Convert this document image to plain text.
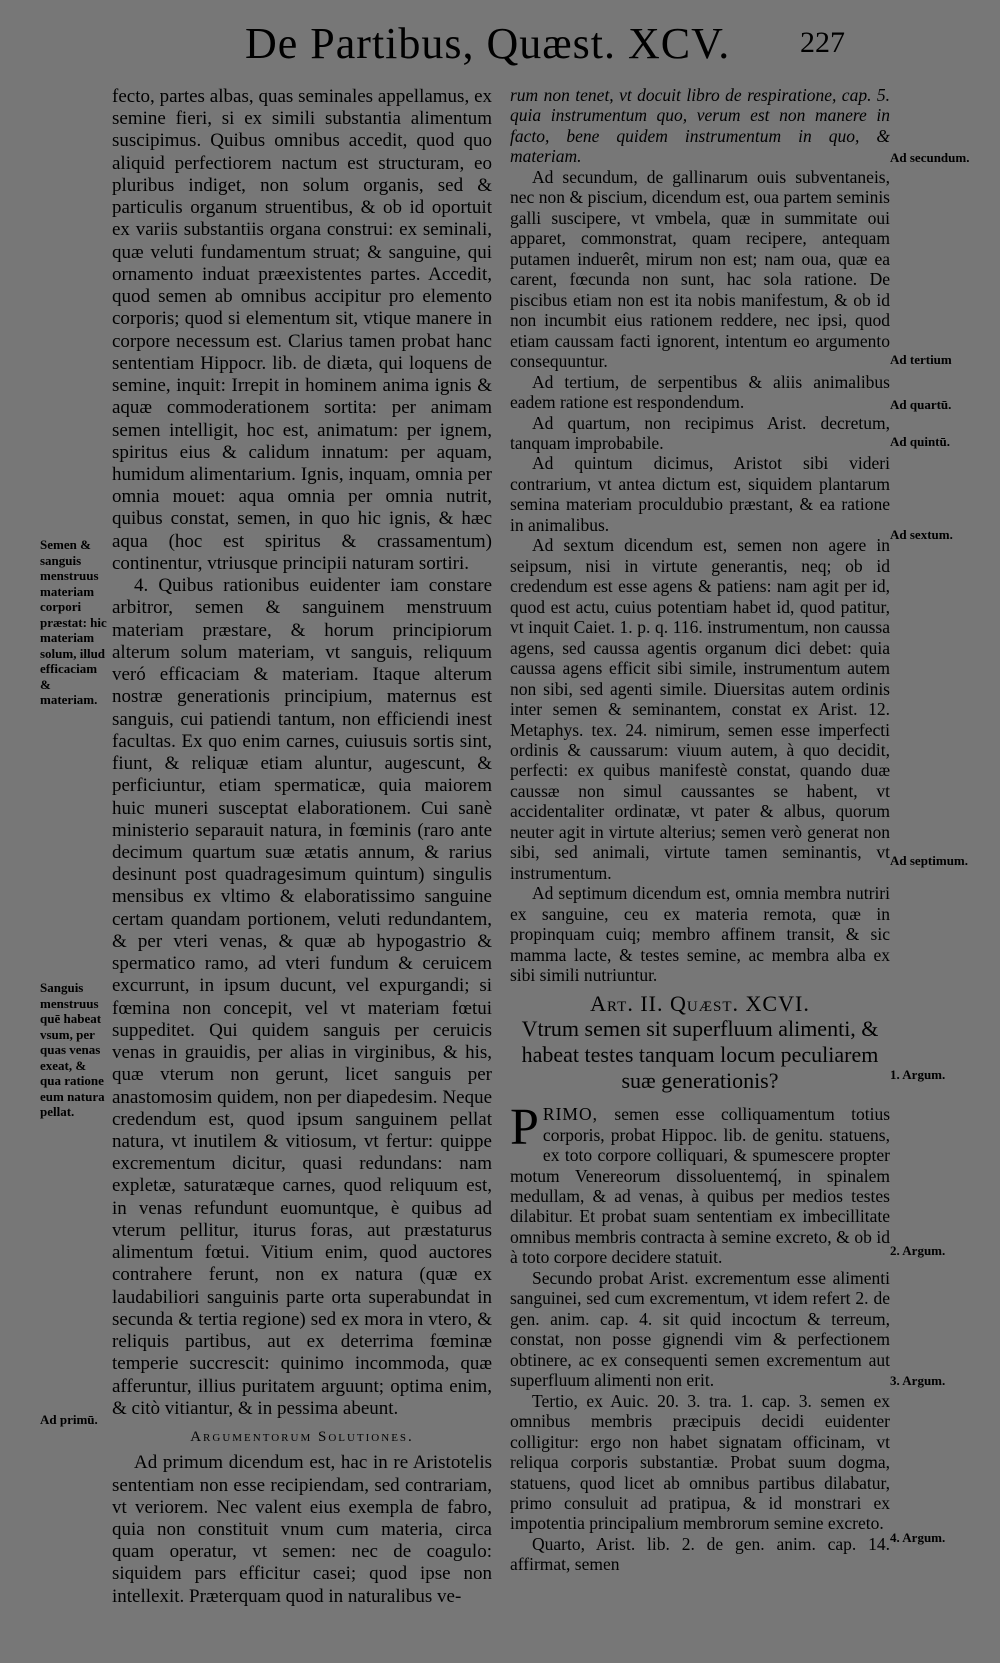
De Partibus, Quæst. XCV. 227

fecto, partes albas, quas seminales appellamus, ex semine fieri, si ex simili substantia alimentum suscipimus. Quibus omnibus accedit, quod quo aliquid perfectiorem nactum est structuram, eo pluribus indiget, non solum organis, sed & particulis organum struentibus, & ob id oportuit ex variis substantiis organa construi: ex seminali, quæ veluti fundamentum struat; & sanguine, qui ornamento induat præexistentes partes. Accedit, quod semen ab omnibus accipitur pro elemento corporis; quod si elementum sit, vtique manere in corpore necessum est. Clarius tamen probat hanc sententiam Hippocr. lib. de diæta, qui loquens de semine, inquit: Irrepit in hominem anima ignis & aquæ commoderationem sortita: per animam semen intelligit, hoc est, animatum: per ignem, spiritus eius & calidum innatum: per aquam, humidum alimentarium. Ignis, inquam, omnia per omnia mouet: aqua omnia per omnia nutrit, quibus constat, semen, in quo hic ignis, & hæc aqua (hoc est spiritus & crassamentum) continentur, vtriusque principii naturam sortiri.

4. Quibus rationibus euidenter iam constare arbitror, semen & sanguinem menstruum materiam præstare, & horum principiorum alterum solum materiam, vt sanguis, reliquum veró efficaciam & materiam. Itaque alterum nostræ generationis principium, maternus est sanguis, cui patiendi tantum, non efficiendi inest facultas. Ex quo enim carnes, cuiusuis sortis sint, fiunt, & reliquæ etiam aluntur, augescunt, & perficiuntur, etiam spermaticæ, quia maiorem huic muneri susceptat elaborationem. Cui sanè ministerio separauit natura, in fœminis (raro ante decimum quartum suæ ætatis annum, & rarius desinunt post quadragesimum quintum) singulis mensibus ex vltimo & elaboratissimo sanguine certam quandam portionem, veluti redundantem, & per vteri venas, & quæ ab hypogastrio & spermatico ramo, ad vteri fundum & ceruicem excurrunt, in ipsum ducunt, vel expurgandi; si fœmina non concepit, vel vt materiam fœtui suppeditet. Qui quidem sanguis per ceruicis venas in grauidis, per alias in virginibus, & his, quæ vterum non gerunt, licet sanguis per anastomosim quidem, non per diapedesim. Neque credendum est, quod ipsum sanguinem pellat natura, vt inutilem & vitiosum, vt fertur: quippe excrementum dicitur, quasi redundans: nam expletæ, saturatæque carnes, quod reliquum est, in venas refundunt euomuntque, è quibus ad vterum pellitur, iturus foras, aut præstaturus alimentum fœtui. Vitium enim, quod auctores contrahere ferunt, non ex natura (quæ ex laudabiliori sanguinis parte orta superabundat in secunda & tertia regione) sed ex mora in vtero, & reliquis partibus, aut ex deterrima fœminæ temperie succrescit: quinimo incommoda, quæ afferuntur, illius puritatem arguunt; optima enim, & citò vitiantur, & in pessima abeunt.

Argumentorum Solutiones.

Ad primum dicendum est, hac in re Aristotelis sententiam non esse recipiendam, sed contrariam, vt veriorem. Nec valent eius exempla de fabro, quia non constituit vnum cum materia, circa quam operatur, vt semen: nec de coagulo: siquidem pars efficitur casei; quod ipse non intellexit. Præterquam quod in naturalibus ve-

rum non tenet, vt docuit libro de respiratione, cap. 5. quia instrumentum quo, verum est non manere in facto, bene quidem instrumentum in quo, & materiam.

Ad secundum, de gallinarum ouis subventaneis, nec non & piscium, dicendum est, oua partem seminis galli suscipere, vt vmbela, quæ in summitate oui apparet, commonstrat, quam recipere, antequam putamen induerêt, mirum non est; nam oua, quæ ea carent, fœcunda non sunt, hac sola ratione. De piscibus etiam non est ita nobis manifestum, & ob id non incumbit eius rationem reddere, nec ipsi, quod etiam caussam facti ignorent, intentum eo argumento consequuntur.

Ad tertium, de serpentibus & aliis animalibus eadem ratione est respondendum.

Ad quartum, non recipimus Arist. decretum, tanquam improbabile.

Ad quintum dicimus, Aristot sibi videri contrarium, vt antea dictum est, siquidem plantarum semina materiam proculdubio præstant, & ea ratione in animalibus.

Ad sextum dicendum est, semen non agere in seipsum, nisi in virtute generantis, neq; ob id credendum est esse agens & patiens: nam agit per id, quod est actu, cuius potentiam habet id, quod patitur, vt inquit Caiet. 1. p. q. 116. instrumentum, non caussa agens, sed caussa agentis organum dici debet: quia caussa agens efficit sibi simile, instrumentum autem non sibi, sed agenti simile. Diuersitas autem ordinis inter semen & seminantem, constat ex Arist. 12. Metaphys. tex. 24. nimirum, semen esse imperfecti ordinis & caussarum: viuum autem, à quo decidit, perfecti: ex quibus manifestè constat, quando duæ caussæ non simul caussantes se habent, vt accidentaliter ordinatæ, vt pater & albus, quorum neuter agit in virtute alterius; semen verò generat non sibi, sed animali, virtute tamen seminantis, vt instrumentum.

Ad septimum dicendum est, omnia membra nutriri ex sanguine, ceu ex materia remota, quæ in propinquam cuiq; membro affinem transit, & sic mamma lacte, & testes semine, ac membra alba ex sibi simili nutriuntur.

Art. II. Quæst. XCVI.
Vtrum semen sit superfluum alimenti, & habeat testes tanquam locum peculiarem suæ generationis?

PRIMO, semen esse colliquamentum totius corporis, probat Hippoc. lib. de genitu. statuens, ex toto corpore colliquari, & spumescere propter motum Venereorum dissoluentemq́, in spinalem medullam, & ad venas, à quibus per medios testes dilabitur. Et probat suam sententiam ex imbecillitate omnibus membris contracta à semine excreto, & ob id à toto corpore decidere statuit.

Secundo probat Arist. excrementum esse alimenti sanguinei, sed cum excrementum, vt idem refert 2. de gen. anim. cap. 4. sit quid incoctum & terreum, constat, non posse gignendi vim & perfectionem obtinere, ac ex consequenti semen excrementum aut superfluum alimenti non erit.

Tertio, ex Auic. 20. 3. tra. 1. cap. 3. semen ex omnibus membris præcipuis decidi euidenter colligitur: ergo non habet signatam officinam, vt reliqua corporis substantiæ. Probat suum dogma, statuens, quod licet ab omnibus partibus dilabatur, primo consuluit ad pratipua, & id monstrari ex impotentia principalium membrorum semine excreto.

Quarto, Arist. lib. 2. de gen. anim. cap. 14. affirmat, semen

Semen & sanguis menstruus materiam corpori præstat: hic materiam solum, illud efficaciam & materiam.
Sanguis menstruus quē habeat vsum, per quas venas exeat, & qua ratione eum natura pellat.
Ad primū.
Ad secundum.
Ad tertium
Ad quartū.
Ad quintū.
Ad sextum.
Ad septimum.
1. Argum.
2. Argum.
3. Argum.
4. Argum.
